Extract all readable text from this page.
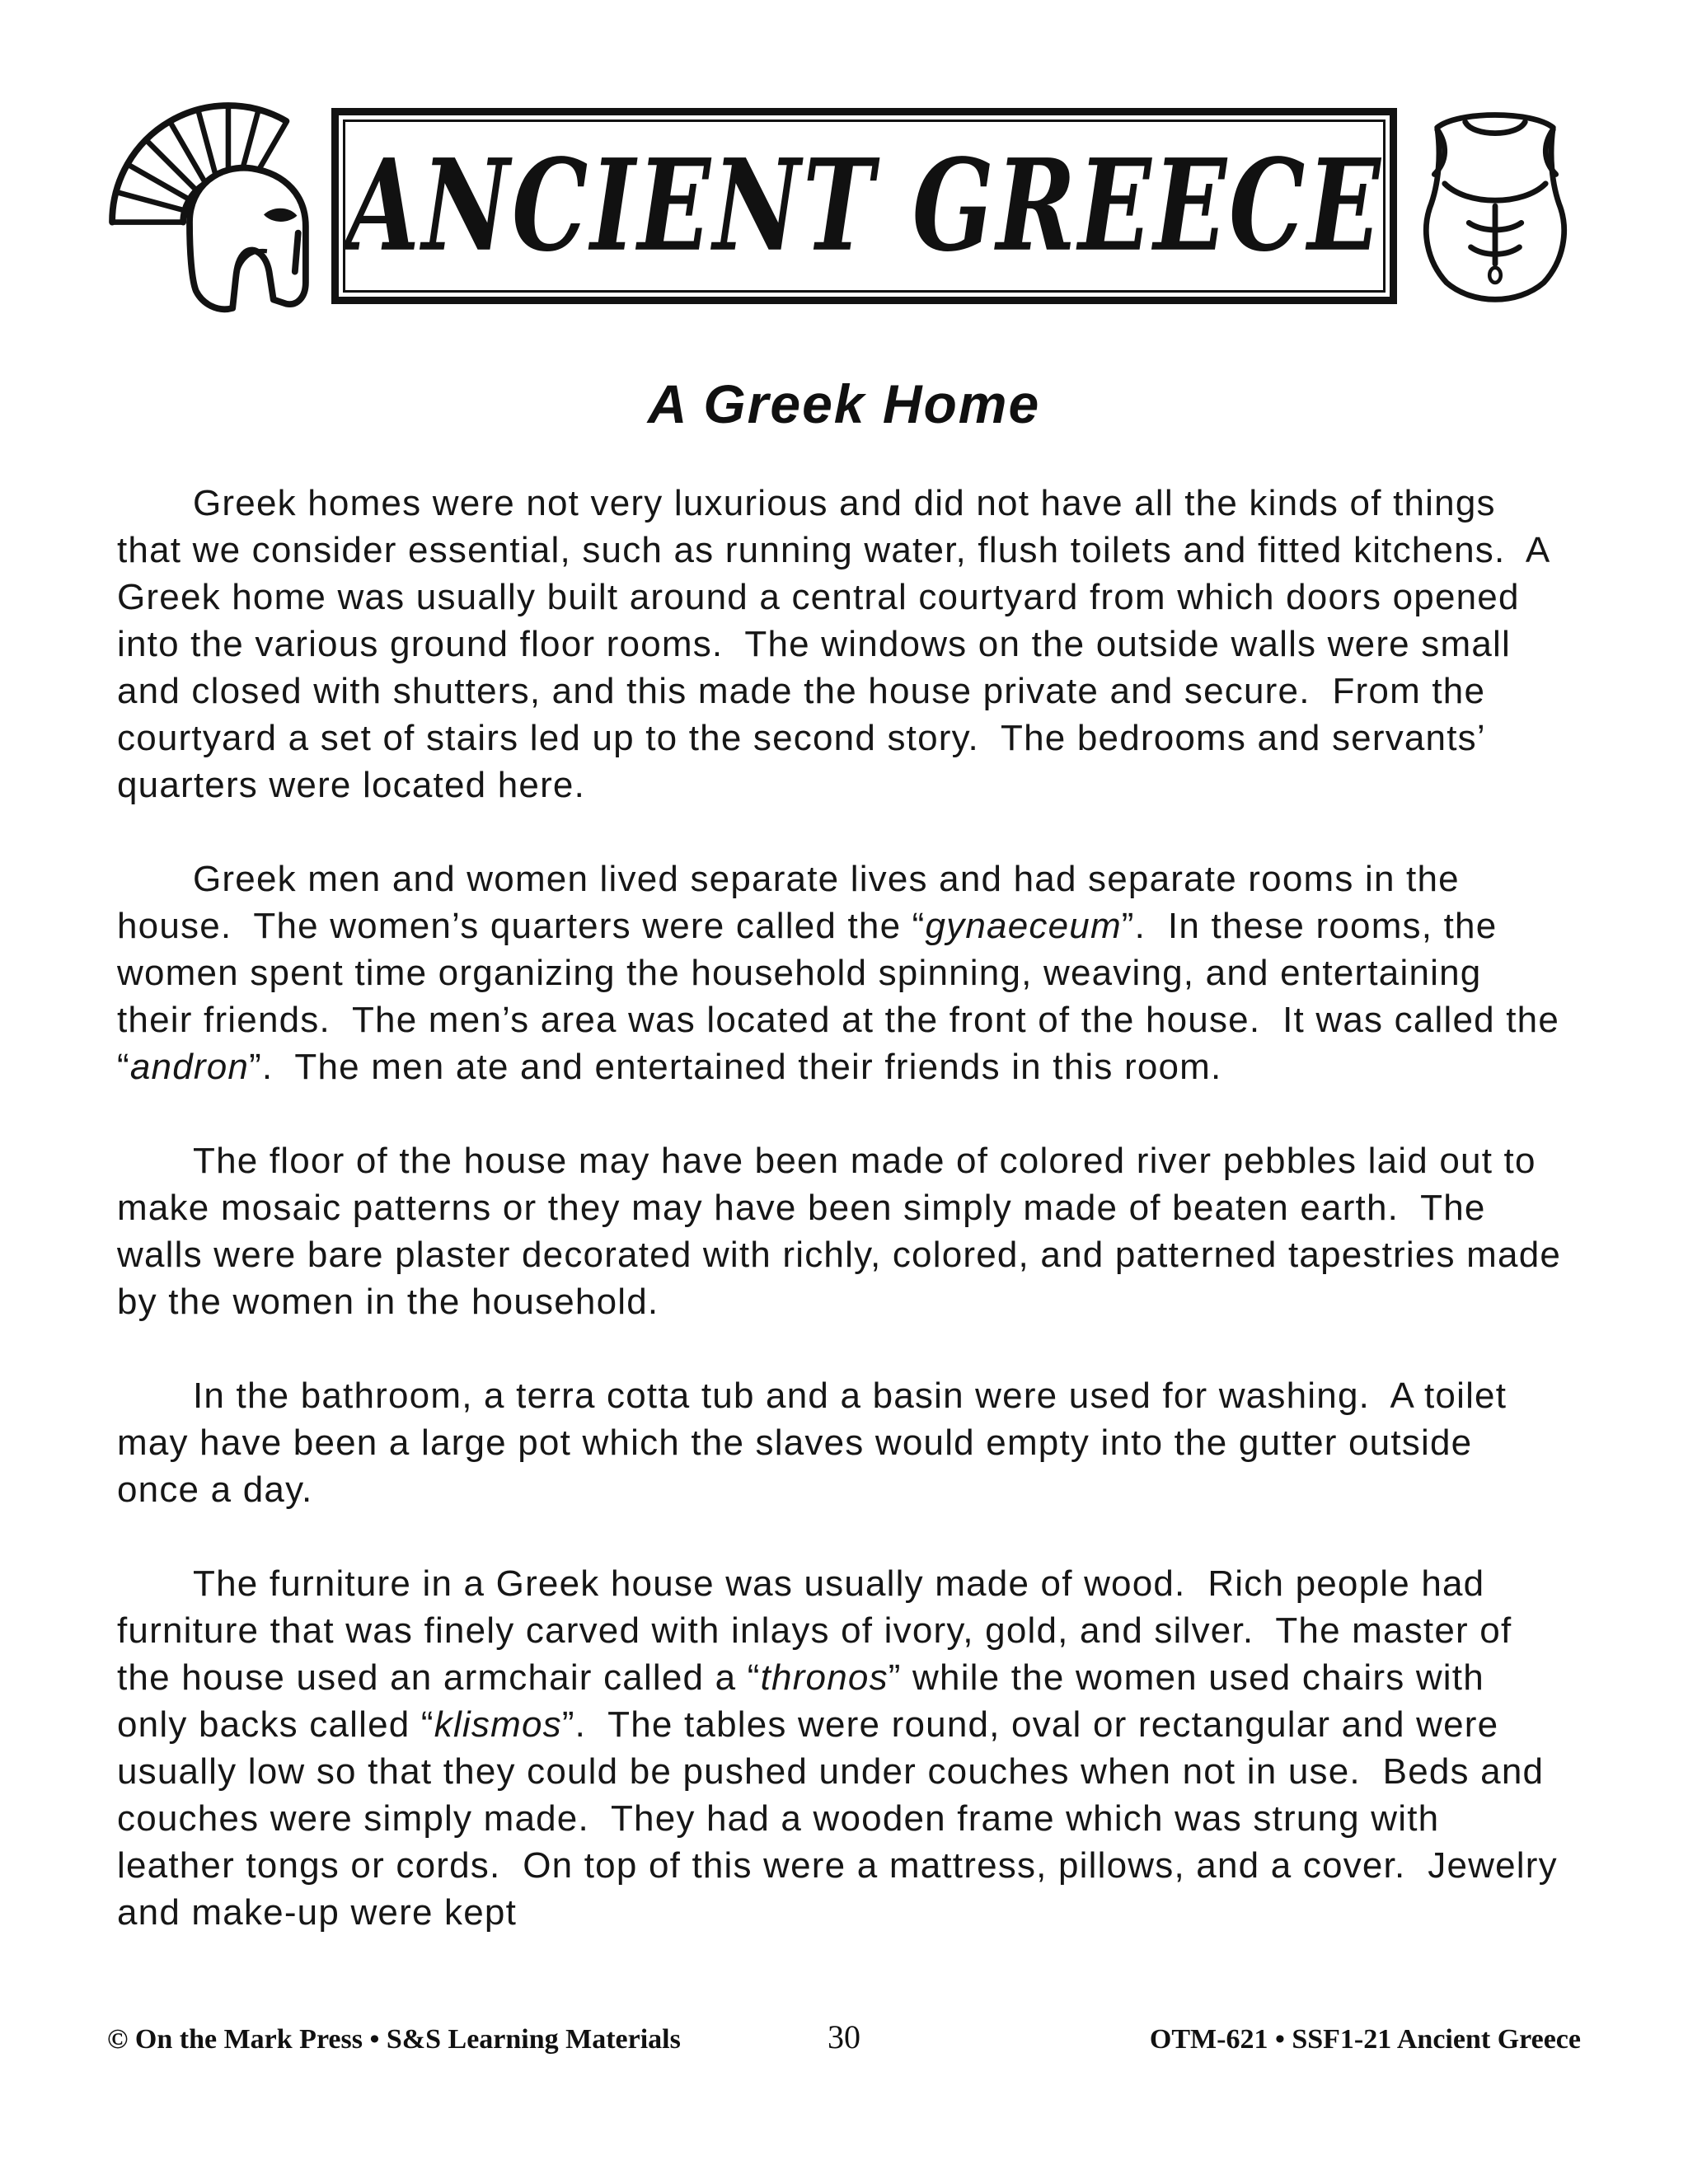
ANCIENT GREECE
A Greek Home

Greek homes were not very luxurious and did not have all the kinds of things that we consider essential, such as running water, flush toilets and fitted kitchens.  A Greek home was usually built around a central courtyard from which doors opened into the various ground floor rooms.  The windows on the outside walls were small and closed with shutters, and this made the house private and secure.  From the courtyard a set of stairs led up to the second story.  The bedrooms and servants’ quarters were located here.

Greek men and women lived separate lives and had separate rooms in the house.  The women’s quarters were called the “gynaeceum”.  In these rooms, the women spent time organizing the household spinning, weaving, and entertaining their friends.  The men’s area was located at the front of the house.  It was called the “andron”.  The men ate and entertained their friends in this room.

The floor of the house may have been made of colored river pebbles laid out to make mosaic patterns or they may have been simply made of beaten earth.  The walls were bare plaster decorated with richly, colored, and patterned tapestries made by the women in the household.

In the bathroom, a terra cotta tub and a basin were used for washing.  A toilet may have been a large pot which the slaves would empty into the gutter outside once a day.

The furniture in a Greek house was usually made of wood.  Rich people had furniture that was finely carved with inlays of ivory, gold, and silver.  The master of the house used an armchair called a “thronos” while the women used chairs with only backs called “klismos”.  The tables were round, oval or rectangular and were usually low so that they could be pushed under couches when not in use.  Beds and couches were simply made.  They had a wooden frame which was strung with leather tongs or cords.  On top of this were a mattress, pillows, and a cover.  Jewelry and make-up were kept

© On the Mark Press • S&S Learning Materials	30	OTM-621 • SSF1-21 Ancient Greece
